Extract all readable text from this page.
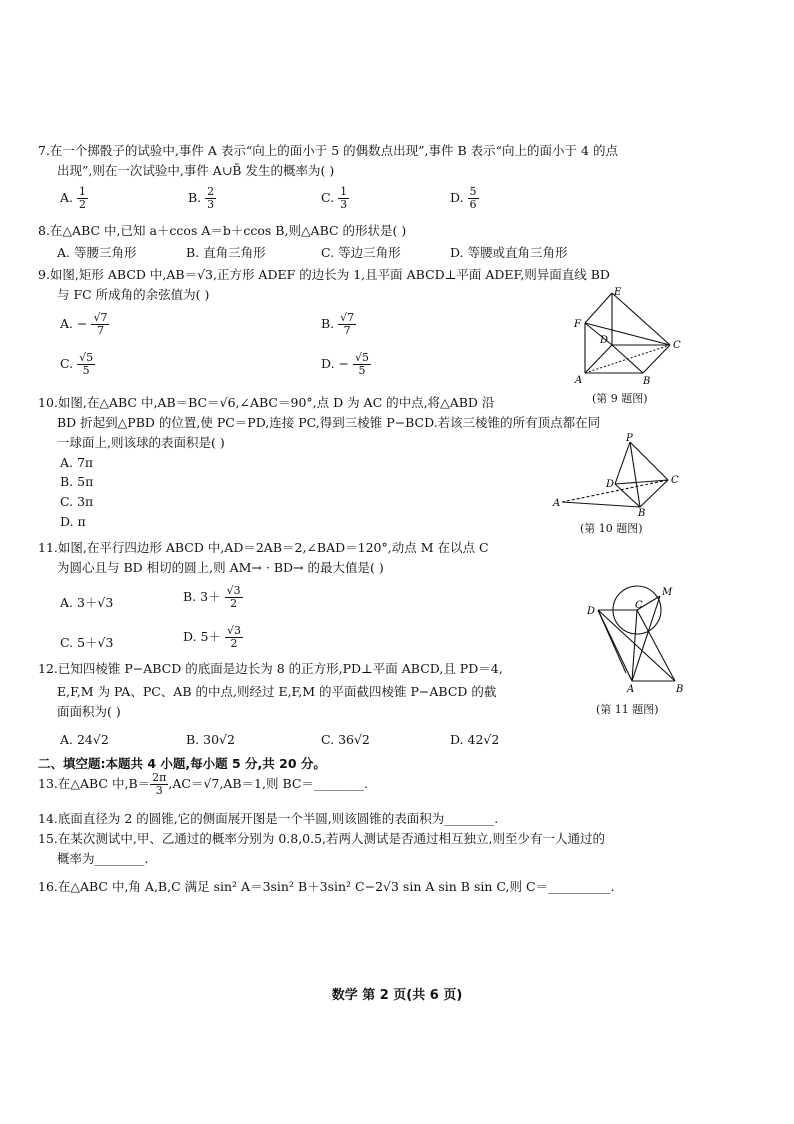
7.在一个掷骰子的试验中,事件 A 表示“向上的面小于 5 的偶数点出现”,事件 B 表示“向上的面小于 4 的点
出现”,则在一次试验中,事件 A∪B̄ 发生的概率为( )
A. $\frac{1}{2}$	B. $\frac{2}{3}$	C. $\frac{1}{3}$	D. $\frac{5}{6}$
8.在△ABC 中,已知 a＋ccos A＝b＋ccos B,则△ABC 的形状是( )
A. 等腰三角形	B. 直角三角形	C. 等边三角形	D. 等腰或直角三角形
9.如图,矩形 ABCD 中,AB＝√3,正方形 ADEF 的边长为 1,且平面 ABCD⊥平面 ADEF,则异面直线 BD
与 FC 所成角的余弦值为( )
A. − $\frac{√7}{7}$	B. $\frac{√7}{7}$
C. $\frac{√5}{5}$	D. − $\frac{√5}{5}$
E
F
D	C
A	B
(第 9 题图)
10.如图,在△ABC 中,AB＝BC＝√6,∠ABC＝90°,点 D 为 AC 的中点,将△ABD 沿
BD 折起到△PBD 的位置,使 PC＝PD,连接 PC,得到三棱锥 P−BCD.若该三棱锥的所有顶点都在同
一球面上,则该球的表面积是( )
A. 7π
B. 5π
C. 3π
D. π
P
D	C
A
B
(第 10 题图)
11.如图,在平行四边形 ABCD 中,AD＝2AB＝2,∠BAD＝120°,动点 M 在以点 C
为圆心且与 BD 相切的圆上,则 AM→ · BD→ 的最大值是( )
A. 3＋√3	B. $3+ \frac{√3}{2}$
C. 5＋√3	D. $5+ \frac{√3}{2}$
D
C
M
A	B
(第 11 题图)
12.已知四棱锥 P−ABCD 的底面是边长为 8 的正方形,PD⊥平面 ABCD,且 PD＝4,
E,F,M 为 PA、PC、AB 的中点,则经过 E,F,M 的平面截四棱锥 P−ABCD 的截
面面积为( )
A. 24√2	B. 30√2	C. 36√2	D. 42√2
二、填空题:本题共 4 小题,每小题 5 分,共 20 分。
13.在△ABC 中$,B= \frac{2\pi}{3} ,AC=√7,AB=1$,则 BC＝________.
14.底面直径为 2 的圆锥,它的侧面展开图是一个半圆,则该圆锥的表面积为________.
15.在某次测试中,甲、乙通过的概率分别为 0.8,0.5,若两人测试是否通过相互独立,则至少有一人通过的
概率为________.
16.在△ABC 中,角 A,B,C 满足 sin² A＝3sin² B＋3sin² C−2√3 sin A sin B sin C,则 C＝__________.
数学 第 2 页(共 6 页)
